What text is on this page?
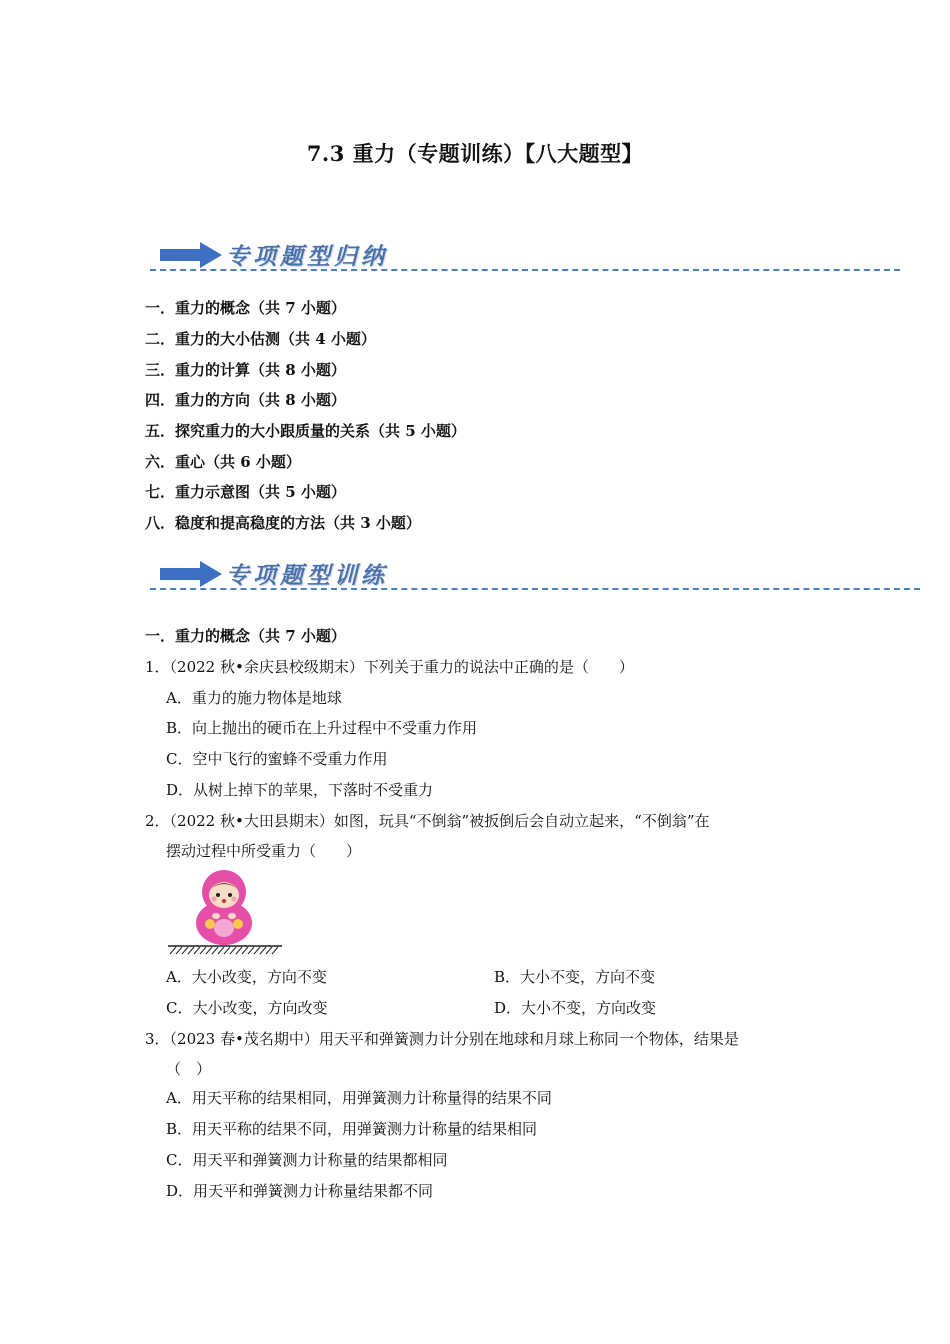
7.3 重力（专题训练）【八大题型】
专项题型归纳
一．重力的概念（共 7 小题）
二．重力的大小估测（共 4 小题）
三．重力的计算（共 8 小题）
四．重力的方向（共 8 小题）
五．探究重力的大小跟质量的关系（共 5 小题）
六．重心（共 6 小题）
七．重力示意图（共 5 小题）
八．稳度和提高稳度的方法（共 3 小题）
专项题型训练
一．重力的概念（共 7 小题）
1．（2022 秋•余庆县校级期末）下列关于重力的说法中正确的是（　　）
A．重力的施力物体是地球
B．向上抛出的硬币在上升过程中不受重力作用
C．空中飞行的蜜蜂不受重力作用
D．从树上掉下的苹果，下落时不受重力
2．（2022 秋•大田县期末）如图，玩具“不倒翁”被扳倒后会自动立起来，“不倒翁”在
摆动过程中所受重力（　　）
A．大小改变，方向不变	B．大小不变，方向不变
C．大小改变，方向改变	D．大小不变，方向改变
3．（2023 春•茂名期中）用天平和弹簧测力计分别在地球和月球上称同一个物体，结果是
（　）
A．用天平称的结果相同，用弹簧测力计称量得的结果不同
B．用天平称的结果不同，用弹簧测力计称量的结果相同
C．用天平和弹簧测力计称量的结果都相同
D．用天平和弹簧测力计称量结果都不同
